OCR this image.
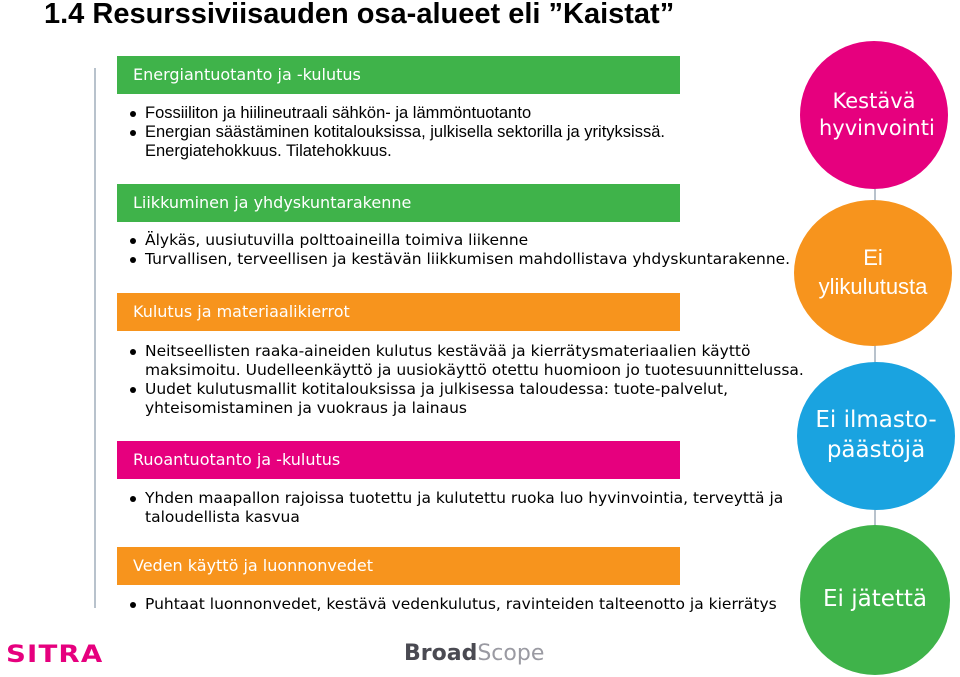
1.4 Resurssiviisauden osa-alueet eli ”Kaistat”
Energiantuotanto ja -kulutus
Fossiiliton ja hiilineutraali sähkön- ja lämmöntuotanto
Energian säästäminen kotitalouksissa, julkisella sektorilla ja yrityksissä. Energiatehokkuus. Tilatehokkuus.
Liikkuminen ja yhdyskuntarakenne
Älykäs, uusiutuvilla polttoaineilla toimiva liikenne
Turvallisen, terveellisen ja kestävän liikkumisen mahdollistava yhdyskuntarakenne.
Kulutus ja materiaalikierrot
Neitseellisten raaka-aineiden kulutus kestävää ja kierrätysmateriaalien käyttö maksimoitu. Uudelleenkäyttö ja uusiokäyttö otettu huomioon jo tuotesuunnittelussa.
Uudet kulutusmallit kotitalouksissa ja julkisessa taloudessa: tuote-palvelut, yhteisomistaminen ja vuokraus ja lainaus
Ruoantuotanto ja -kulutus
Yhden maapallon rajoissa tuotettu ja kulutettu ruoka luo hyvinvointia, terveyttä ja taloudellista kasvua
Veden käyttö ja luonnonvedet
Puhtaat luonnonvedet, kestävä vedenkulutus, ravinteiden talteenotto ja kierrätys
Kestävä hyvinvointi
Ei ylikulutusta
Ei ilmasto-päästöjä
Ei jätettä
SITRA	BroadScope
